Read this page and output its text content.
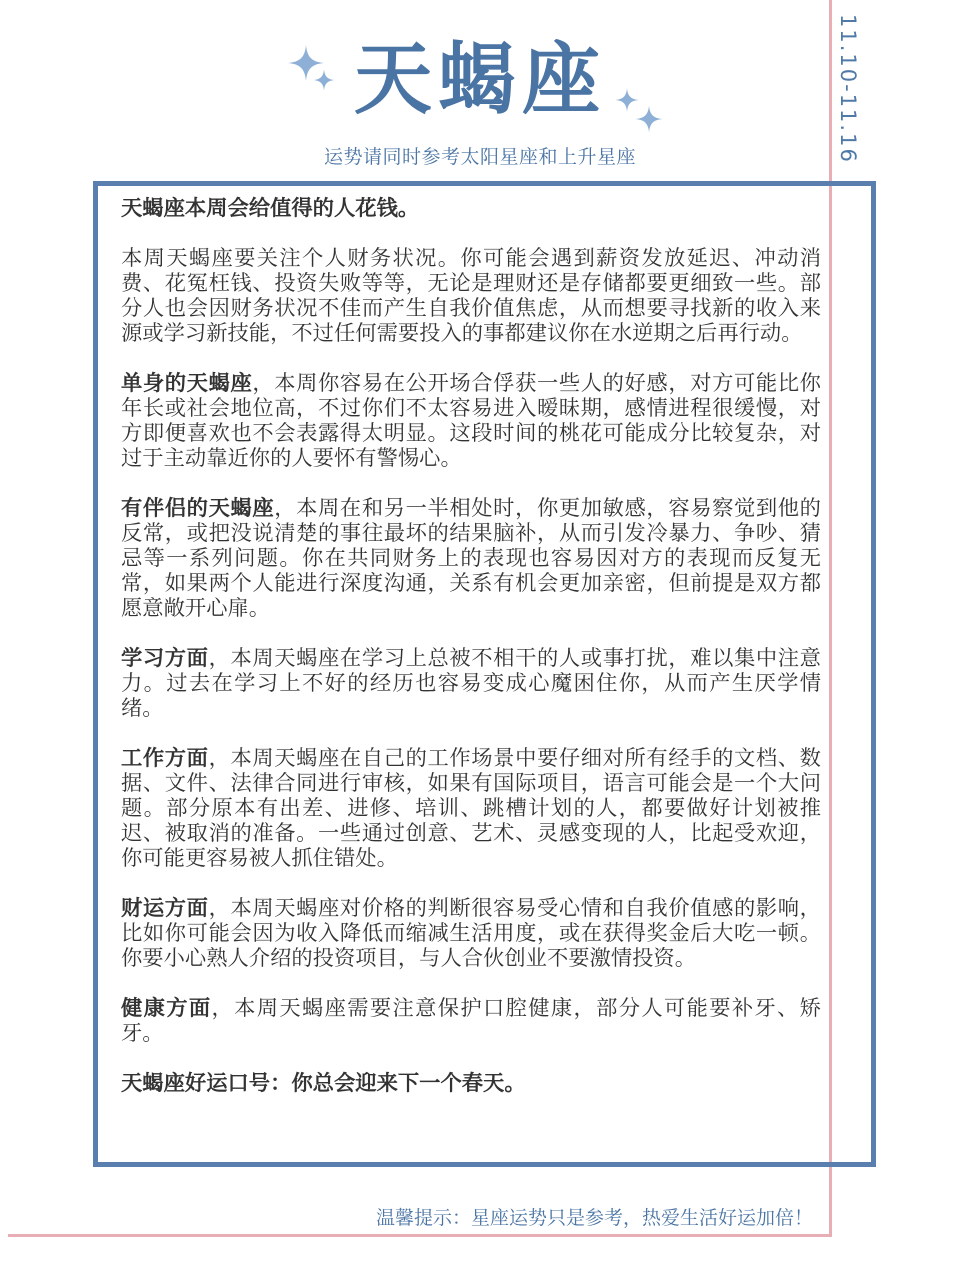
11.10-11.16
天蝎座
运势请同时参考太阳星座和上升星座

天蝎座本周会给值得的人花钱。

本周天蝎座要关注个人财务状况。你可能会遇到薪资发放延迟、冲动消费、花冤枉钱、投资失败等等，无论是理财还是存储都要更细致一些。部分人也会因财务状况不佳而产生自我价值焦虑，从而想要寻找新的收入来源或学习新技能，不过任何需要投入的事都建议你在水逆期之后再行动。

单身的天蝎座，本周你容易在公开场合俘获一些人的好感，对方可能比你年长或社会地位高，不过你们不太容易进入暧昧期，感情进程很缓慢，对方即便喜欢也不会表露得太明显。这段时间的桃花可能成分比较复杂，对过于主动靠近你的人要怀有警惕心。

有伴侣的天蝎座，本周在和另一半相处时，你更加敏感，容易察觉到他的反常，或把没说清楚的事往最坏的结果脑补，从而引发冷暴力、争吵、猜忌等一系列问题。你在共同财务上的表现也容易因对方的表现而反复无常，如果两个人能进行深度沟通，关系有机会更加亲密，但前提是双方都愿意敞开心扉。

学习方面，本周天蝎座在学习上总被不相干的人或事打扰，难以集中注意力。过去在学习上不好的经历也容易变成心魔困住你，从而产生厌学情绪。

工作方面，本周天蝎座在自己的工作场景中要仔细对所有经手的文档、数据、文件、法律合同进行审核，如果有国际项目，语言可能会是一个大问题。部分原本有出差、进修、培训、跳槽计划的人，都要做好计划被推迟、被取消的准备。一些通过创意、艺术、灵感变现的人，比起受欢迎，你可能更容易被人抓住错处。

财运方面，本周天蝎座对价格的判断很容易受心情和自我价值感的影响，比如你可能会因为收入降低而缩减生活用度，或在获得奖金后大吃一顿。你要小心熟人介绍的投资项目，与人合伙创业不要激情投资。

健康方面，本周天蝎座需要注意保护口腔健康，部分人可能要补牙、矫牙。

天蝎座好运口号：你总会迎来下一个春天。

温馨提示：星座运势只是参考，热爱生活好运加倍！
